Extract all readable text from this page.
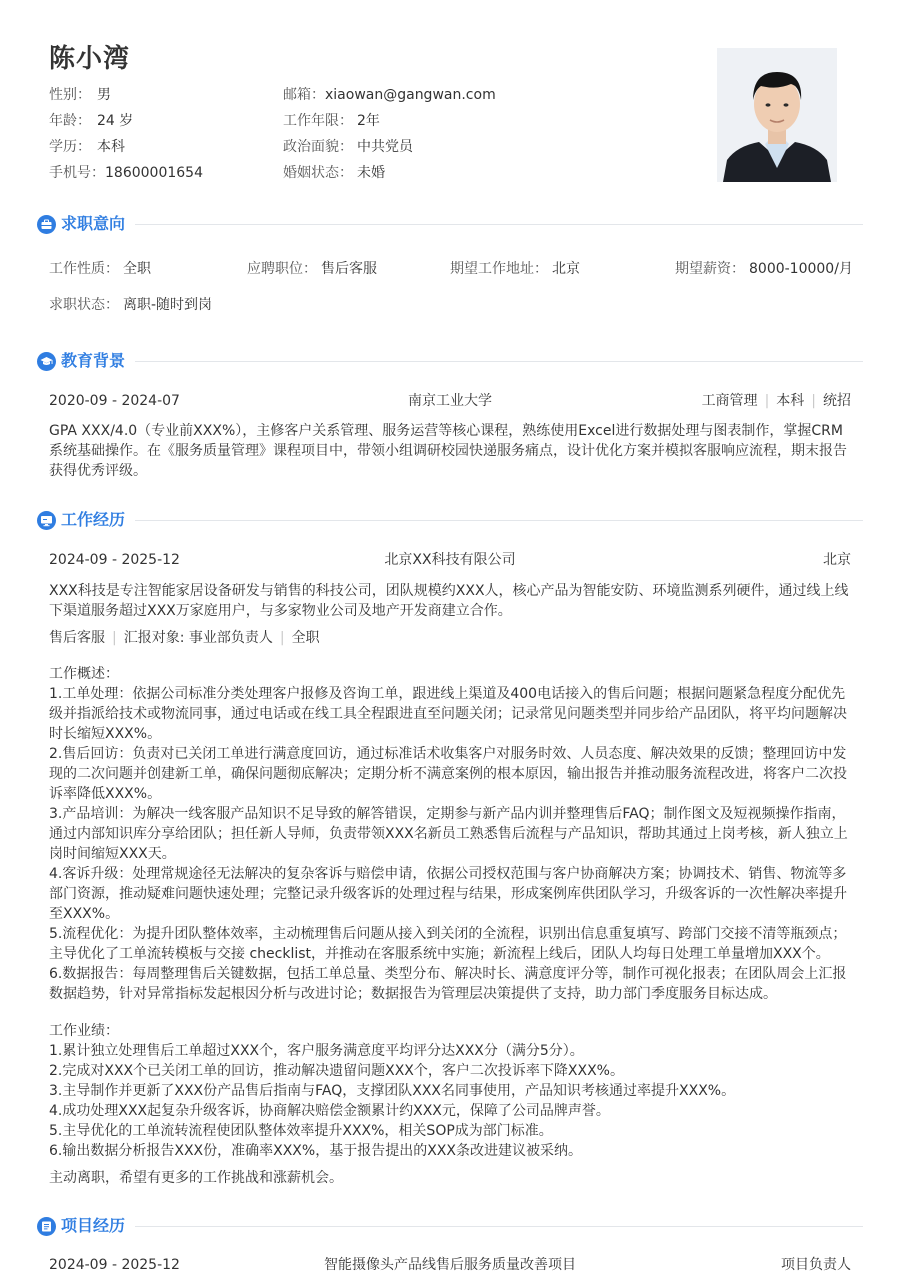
陈小湾
性别： 男
年龄： 24 岁
学历： 本科
手机号：18600001654
邮箱：xiaowan@gangwan.com
工作年限： 2年
政治面貌： 中共党员
婚姻状态： 未婚
求职意向
工作性质： 全职	应聘职位： 售后客服	期望工作地址： 北京	期望薪资： 8000-10000/月
求职状态： 离职-随时到岗
教育背景
2020-09 - 2024-07	南京工业大学	工商管理 | 本科 | 统招

GPA XXX/4.0（专业前XXX%），主修客户关系管理、服务运营等核心课程，熟练使用Excel进行数据处理与图表制作，掌握CRM

系统基础操作。在《服务质量管理》课程项目中，带领小组调研校园快递服务痛点，设计优化方案并模拟客服响应流程，期末报告

获得优秀评级。

工作经历
2024-09 - 2025-12	北京XX科技有限公司	北京

XXX科技是专注智能家居设备研发与销售的科技公司，团队规模约XXX人，核心产品为智能安防、环境监测系列硬件，通过线上线

下渠道服务超过XXX万家庭用户，与多家物业公司及地产开发商建立合作。

售后客服 | 汇报对象: 事业部负责人 | 全职

工作概述：

1.工单处理：依据公司标准分类处理客户报修及咨询工单，跟进线上渠道及400电话接入的售后问题；根据问题紧急程度分配优先

级并指派给技术或物流同事，通过电话或在线工具全程跟进直至问题关闭；记录常见问题类型并同步给产品团队，将平均问题解决

时长缩短XXX%。

2.售后回访：负责对已关闭工单进行满意度回访，通过标准话术收集客户对服务时效、人员态度、解决效果的反馈；整理回访中发

现的二次问题并创建新工单，确保问题彻底解决；定期分析不满意案例的根本原因，输出报告并推动服务流程改进，将客户二次投

诉率降低XXX%。

3.产品培训：为解决一线客服产品知识不足导致的解答错误，定期参与新产品内训并整理售后FAQ；制作图文及短视频操作指南，

通过内部知识库分享给团队；担任新人导师，负责带领XXX名新员工熟悉售后流程与产品知识，帮助其通过上岗考核，新人独立上

岗时间缩短XXX天。

4.客诉升级：处理常规途径无法解决的复杂客诉与赔偿申请，依据公司授权范围与客户协商解决方案；协调技术、销售、物流等多

部门资源，推动疑难问题快速处理；完整记录升级客诉的处理过程与结果，形成案例库供团队学习，升级客诉的一次性解决率提升

至XXX%。

5.流程优化：为提升团队整体效率，主动梳理售后问题从接入到关闭的全流程，识别出信息重复填写、跨部门交接不清等瓶颈点；

主导优化了工单流转模板与交接 checklist，并推动在客服系统中实施；新流程上线后，团队人均每日处理工单量增加XXX个。

6.数据报告：每周整理售后关键数据，包括工单总量、类型分布、解决时长、满意度评分等，制作可视化报表；在团队周会上汇报

数据趋势，针对异常指标发起根因分析与改进讨论；数据报告为管理层决策提供了支持，助力部门季度服务目标达成。

工作业绩：

1.累计独立处理售后工单超过XXX个，客户服务满意度平均评分达XXX分（满分5分）。

2.完成对XXX个已关闭工单的回访，推动解决遗留问题XXX个，客户二次投诉率下降XXX%。

3.主导制作并更新了XXX份产品售后指南与FAQ，支撑团队XXX名同事使用，产品知识考核通过率提升XXX%。

4.成功处理XXX起复杂升级客诉，协商解决赔偿金额累计约XXX元，保障了公司品牌声誉。

5.主导优化的工单流转流程使团队整体效率提升XXX%，相关SOP成为部门标准。

6.输出数据分析报告XXX份，准确率XXX%，基于报告提出的XXX条改进建议被采纳。

主动离职，希望有更多的工作挑战和涨薪机会。
项目经历
2024-09 - 2025-12	智能摄像头产品线售后服务质量改善项目	项目负责人
